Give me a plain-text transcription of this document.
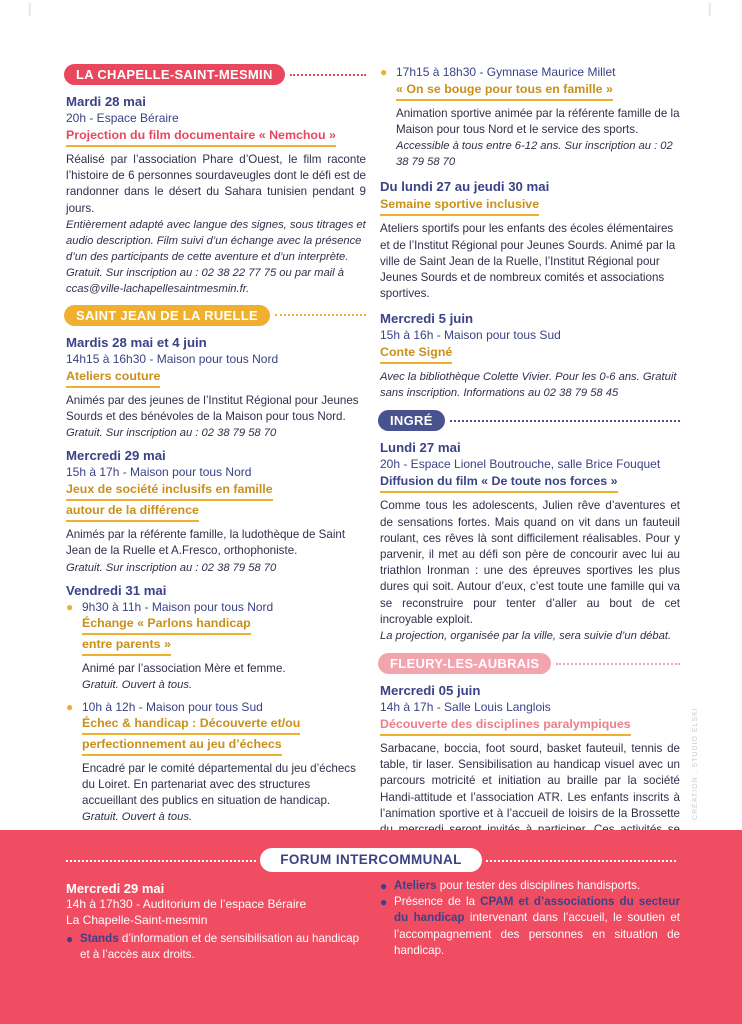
|	|
LA CHAPELLE-SAINT-MESMIN
Mardi 28 mai
20h - Espace Béraire
Projection du film documentaire « Nemchou »
Réalisé par l’association Phare d’Ouest, le film raconte l’histoire de 6 personnes sourdaveugles dont le défi est de randonner dans le désert du Sahara tunisien pendant 9 jours.
Entièrement adapté avec langue des signes, sous titrages et audio description. Film suivi d’un échange avec la présence d’un des participants de cette aventure et d’un interprète.
Gratuit. Sur inscription au : 02 38 22 77 75 ou par mail à ccas@ville-lachapellesaintmesmin.fr.
SAINT JEAN DE LA RUELLE
Mardis 28 mai et 4 juin
14h15 à 16h30 - Maison pour tous Nord
Ateliers couture
Animés par des jeunes de l’Institut Régional pour Jeunes Sourds et des bénévoles de la Maison pour tous Nord.
Gratuit. Sur inscription au : 02 38 79 58 70
Mercredi 29 mai
15h à 17h - Maison pour tous Nord
Jeux de société inclusifs en famille
autour de la différence
Animés par la référente famille, la ludothèque de Saint Jean de la Ruelle et A.Fresco, orthophoniste.
Gratuit. Sur inscription au : 02 38 79 58 70
Vendredi 31 mai
● 9h30 à 11h - Maison pour tous Nord
Échange « Parlons handicap
entre parents »
Animé par l’association Mère et femme.
Gratuit. Ouvert à tous.
● 10h à 12h - Maison pour tous Sud
Échec & handicap : Découverte et/ou
perfectionnement au jeu d’échecs
Encadré par le comité départemental du jeu d’échecs du Loiret. En partenariat avec des structures accueillant des publics en situation de handicap.
Gratuit. Ouvert à tous.
● 17h15 à 18h30 - Gymnase Maurice Millet
« On se bouge pour tous en famille »
Animation sportive animée par la référente famille de la Maison pour tous Nord et le service des sports.
Accessible à tous entre 6-12 ans. Sur inscription au : 02 38 79 58 70
Du lundi 27 au jeudi 30 mai
Semaine sportive inclusive
Ateliers sportifs pour les enfants des écoles élémentaires et de l’Institut Régional pour Jeunes Sourds. Animé par la ville de Saint Jean de la Ruelle, l’Institut Régional pour Jeunes Sourds et de nombreux comités et associations sportives.
Mercredi 5 juin
15h à 16h - Maison pour tous Sud
Conte Signé
Avec la bibliothèque Colette Vivier. Pour les 0-6 ans. Gratuit sans inscription. Informations au 02 38 79 58 45
INGRÉ
Lundi 27 mai
20h - Espace Lionel Boutrouche, salle Brice Fouquet
Diffusion du film « De toute nos forces »
Comme tous les adolescents, Julien rêve d’aventures et de sensations fortes. Mais quand on vit dans un fauteuil roulant, ces rêves là sont difficilement réalisables. Pour y parvenir, il met au défi son père de concourir avec lui au triathlon Ironman : une des épreuves sportives les plus dures qui soit. Autour d’eux, c’est toute une famille qui va se reconstruire pour tenter d’aller au bout de cet incroyable exploit.
La projection, organisée par la ville, sera suivie d’un débat.
FLEURY-LES-AUBRAIS
Mercredi 05 juin
14h à 17h - Salle Louis Langlois
Découverte des disciplines paralympiques
Sarbacane, boccia, foot sourd, basket fauteuil, tennis de table, tir laser. Sensibilisation au handicap visuel avec un parcours motricité et initiation au braille par la société Handi-attitude et l’association ATR. Les enfants inscrits à l’animation sportive et à l’accueil de loisirs de la Brossette	CRÉATION : STUDIO ELSKI
FORUM INTERCOMMUNAL
Mercredi 29 mai
14h à 17h30 - Auditorium de l’espace Béraire
La Chapelle-Saint-mesmin
● Stands d’information et de sensibilisation au handicap et à l’accès aux droits.
● Ateliers pour tester des disciplines handisports.
● Présence de la CPAM et d’associations du secteur du handicap intervenant dans l’accueil, le soutien et l’accompagnement des personnes en situation de handicap.
